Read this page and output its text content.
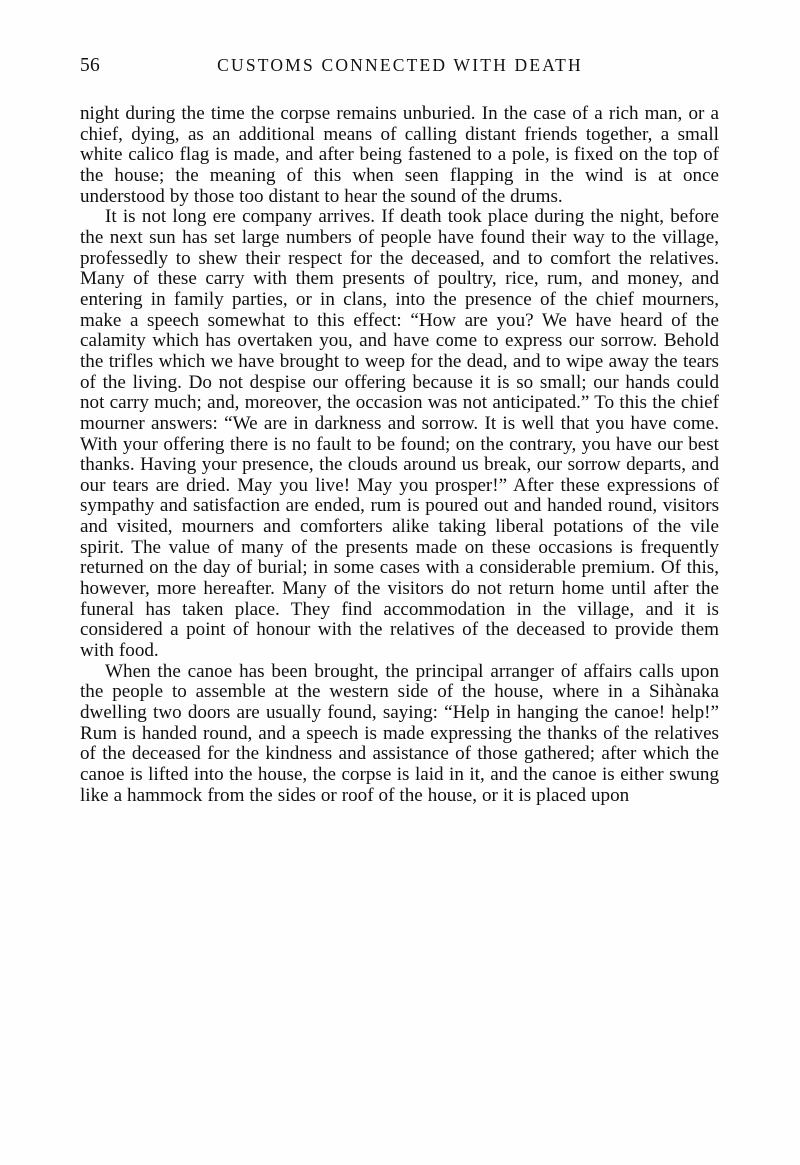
56	CUSTOMS CONNECTED WITH DEATH

night during the time the corpse remains unburied. In the case of a rich man, or a chief, dying, as an additional means of calling distant friends together, a small white calico flag is made, and after being fastened to a pole, is fixed on the top of the house; the meaning of this when seen flapping in the wind is at once understood by those too distant to hear the sound of the drums.

It is not long ere company arrives. If death took place during the night, before the next sun has set large numbers of people have found their way to the village, professedly to shew their respect for the deceased, and to comfort the relatives. Many of these carry with them presents of poultry, rice, rum, and money, and entering in family parties, or in clans, into the presence of the chief mourners, make a speech somewhat to this effect: “How are you? We have heard of the calamity which has overtaken you, and have come to express our sorrow. Behold the trifles which we have brought to weep for the dead, and to wipe away the tears of the living. Do not despise our offering because it is so small; our hands could not carry much; and, moreover, the occasion was not anticipated.” To this the chief mourner answers: “We are in darkness and sorrow. It is well that you have come. With your offering there is no fault to be found; on the contrary, you have our best thanks. Having your presence, the clouds around us break, our sorrow departs, and our tears are dried. May you live! May you prosper!” After these expressions of sympathy and satisfaction are ended, rum is poured out and handed round, visitors and visited, mourners and comforters alike taking liberal potations of the vile spirit. The value of many of the presents made on these occasions is frequently returned on the day of burial; in some cases with a considerable premium. Of this, however, more hereafter. Many of the visitors do not return home until after the funeral has taken place. They find accommodation in the village, and it is considered a point of honour with the relatives of the deceased to provide them with food.

When the canoe has been brought, the principal arranger of affairs calls upon the people to assemble at the western side of the house, where in a Sihànaka dwelling two doors are usually found, saying: “Help in hanging the canoe! help!” Rum is handed round, and a speech is made expressing the thanks of the relatives of the deceased for the kindness and assistance of those gathered; after which the canoe is lifted into the house, the corpse is laid in it, and the canoe is either swung like a hammock from the sides or roof of the house, or it is placed upon
